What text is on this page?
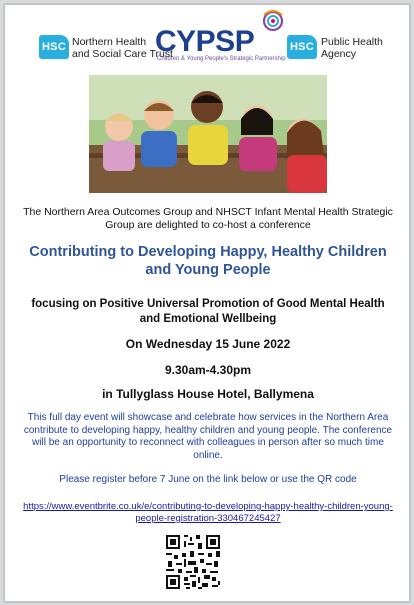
HSC Northern Health
and Social Care Trust
CYPSP
Children & Young People's Strategic Partnership
HSC Public Health
Agency
The Northern Area Outcomes Group and NHSCT Infant Mental Health Strategic Group are delighted to co-host a conference
Contributing to Developing Happy, Healthy Children and Young People
focusing on Positive Universal Promotion of Good Mental Health and Emotional Wellbeing
On Wednesday 15 June 2022
9.30am-4.30pm
in Tullyglass House Hotel, Ballymena
This full day event will showcase and celebrate how services in the Northern Area contribute to developing happy, healthy children and young people. The conference will be an opportunity to reconnect with colleagues in person after so much time online.
Please register before 7 June on the link below or use the QR code
https://www.eventbrite.co.uk/e/contributing-to-developing-happy-healthy-children-young-people-registration-330467245427
